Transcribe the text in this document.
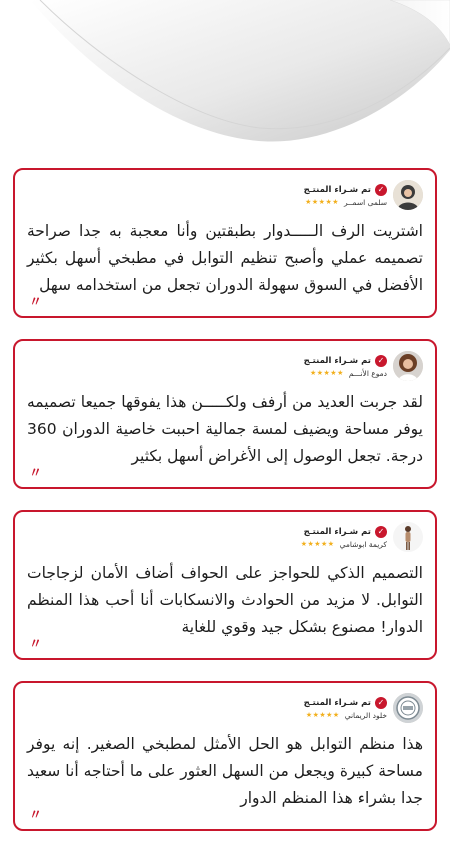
✓
تم شـراء المنتـج
سلمى اسمــر
★★★★★

اشتريت الرف الـــــدوار بطبقتين وأنا معجبة به جدا صراحة تصميمه عملي وأصبح تنظيم التوابل في مطبخي أسهل بكثير الأفضل في السوق سهولة الدوران تجعل من استخدامه سهل

〃
✓
تم شـراء المنتـج
دموع الأنـــم
★★★★★

لقد جربت العديد من أرفف ولكـــــن هذا يفوقها جميعا تصميمه يوفر مساحة ويضيف لمسة جمالية احببت خاصية الدوران 360 درجة. تجعل الوصول إلى الأغراض أسهل بكثير

〃
✓
تم شـراء المنتـج
كريمة ابوشامي
★★★★★

التصميم الذكي للحواجز على الحواف أضاف الأمان لزجاجات التوابل. لا مزيد من الحوادث والانسكابات أنا أحب هذا المنظم الدوار! مصنوع بشكل جيد وقوي للغاية

〃
✓
تم شـراء المنتـج
خلود الريماني
★★★★★

هذا منظم التوابل هو الحل الأمثل لمطبخي الصغير. إنه يوفر مساحة كبيرة ويجعل من السهل العثور على ما أحتاجه أنا سعيد جدا بشراء هذا المنظم الدوار

〃
